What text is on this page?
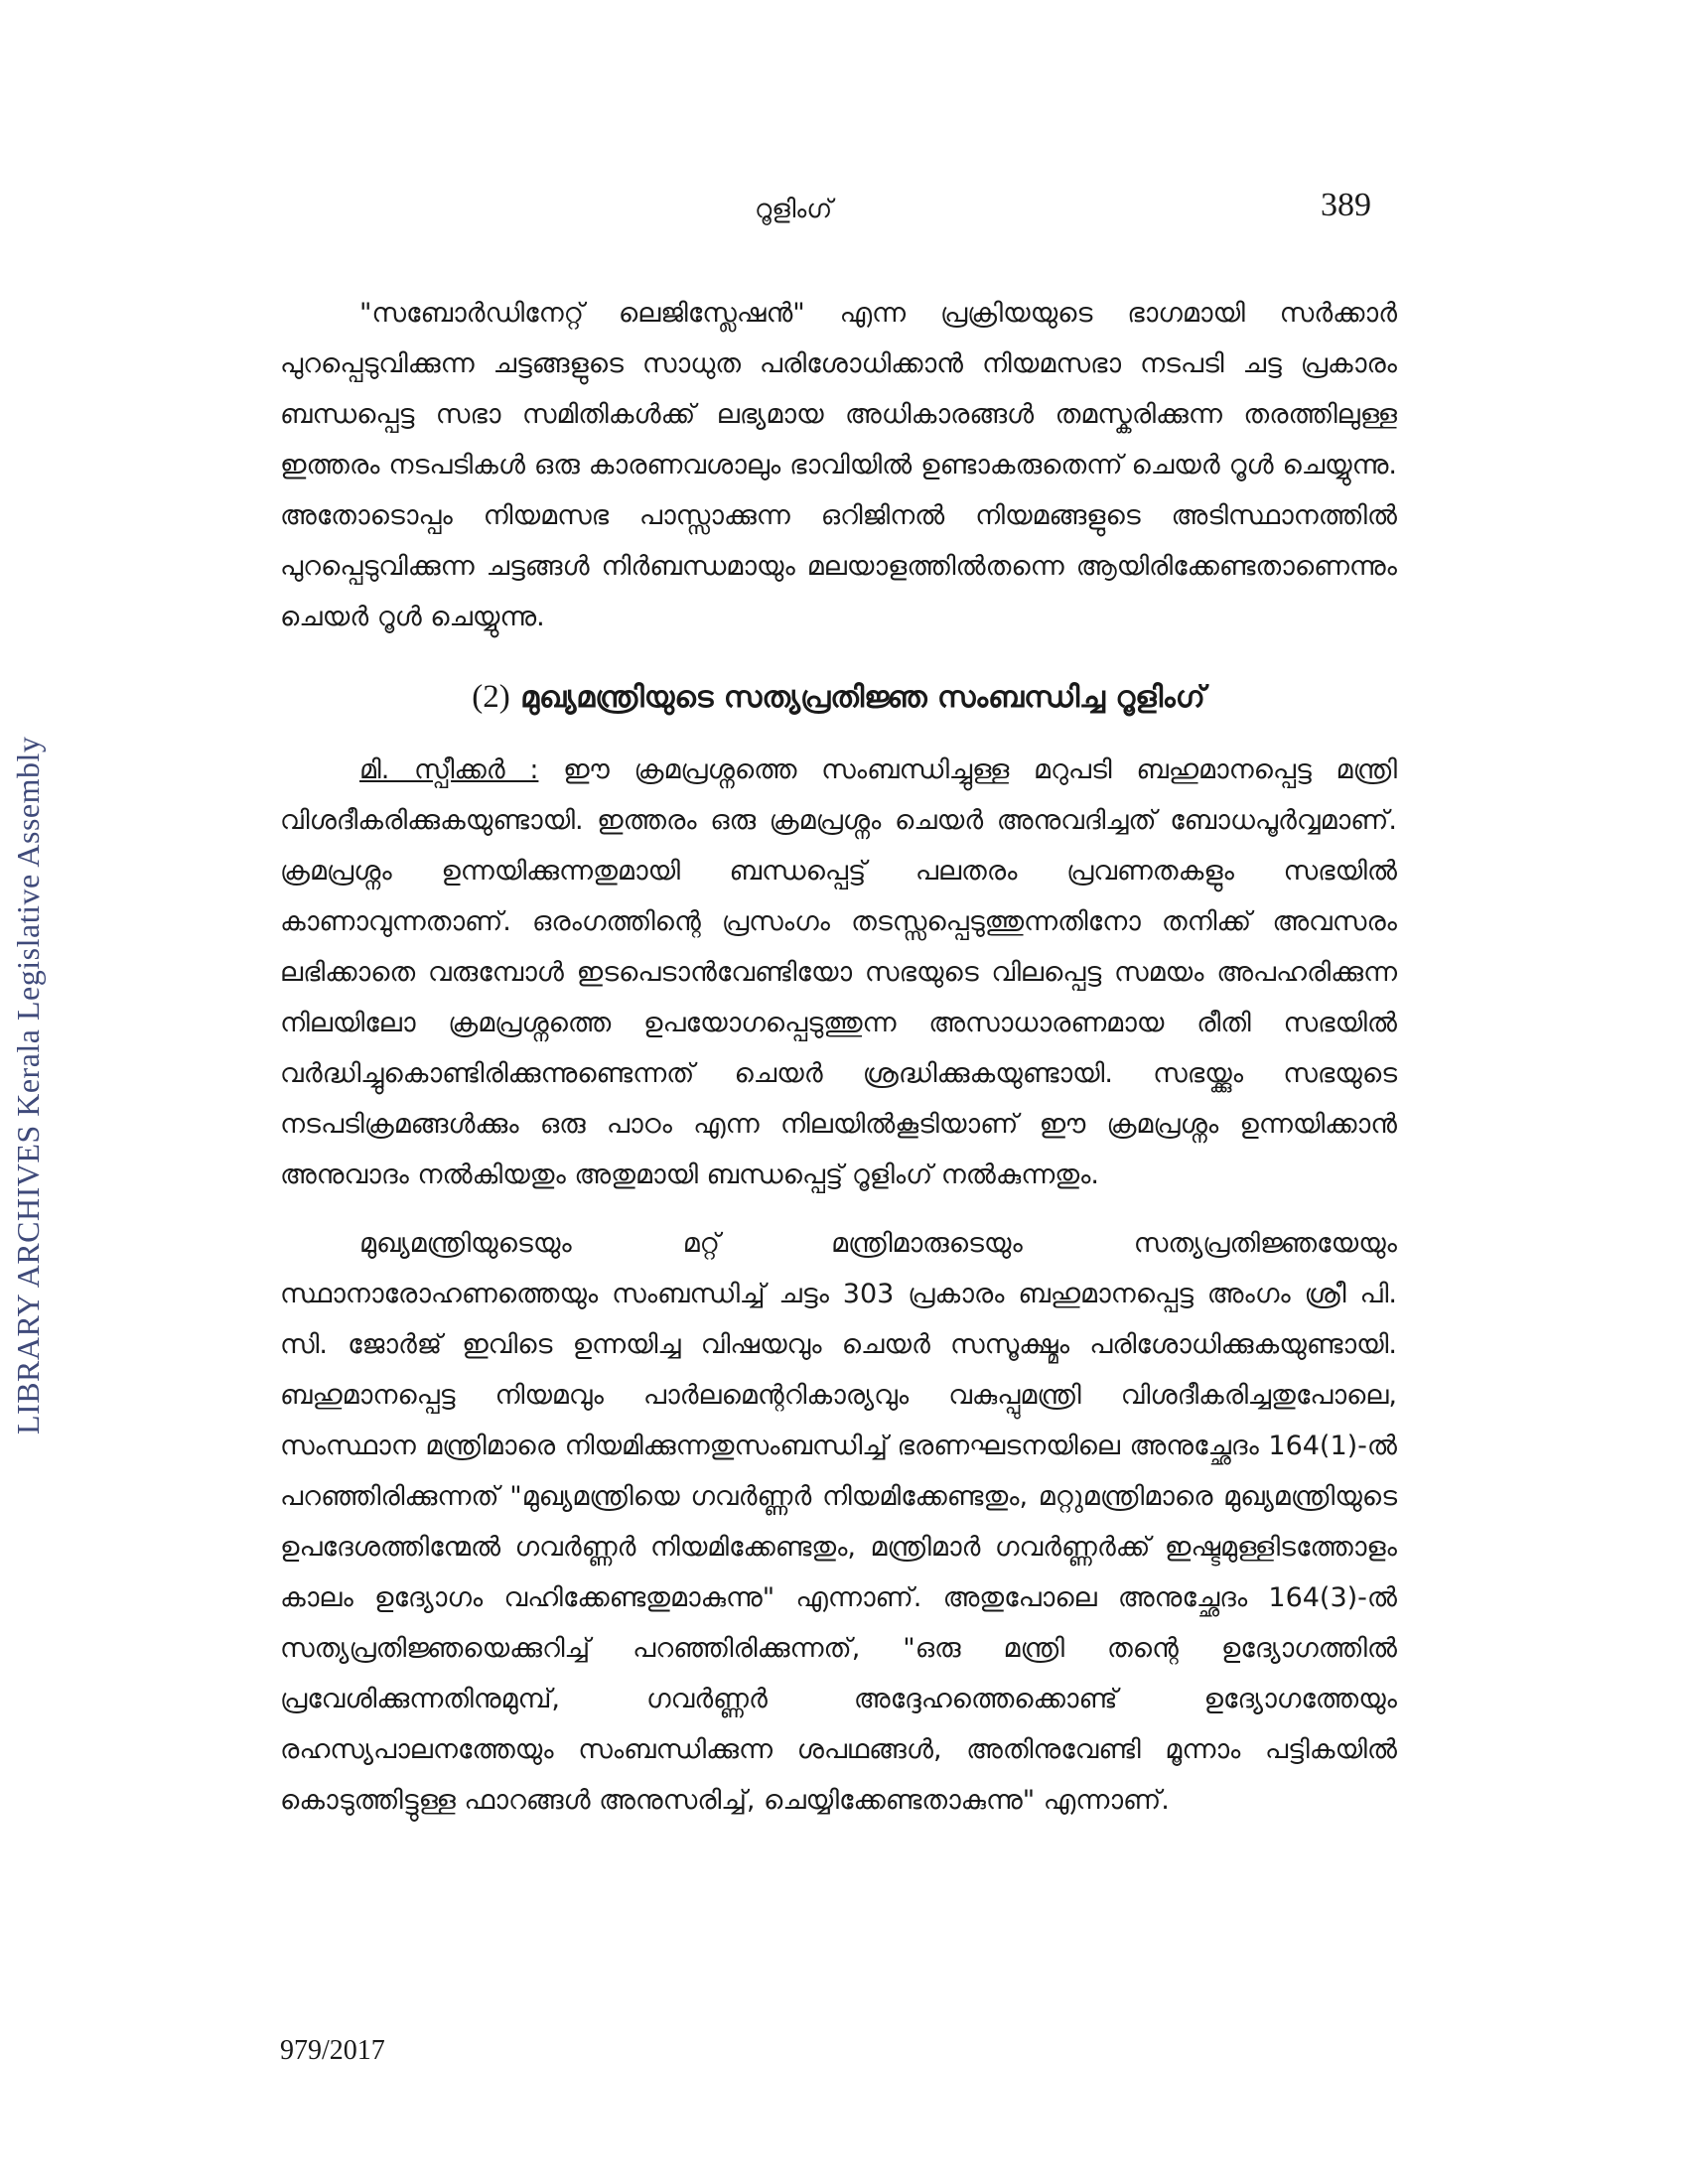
റൂളിംഗ്	389
LIBRARY ARCHIVES Kerala Legislative Assembly

"സബോർഡിനേറ്റ് ലെജിസ്ലേഷൻ" എന്ന പ്രക്രിയയുടെ ഭാഗമായി സർക്കാർ പുറപ്പെടുവിക്കുന്ന ചട്ടങ്ങളുടെ സാധുത പരിശോധിക്കാൻ നിയമസഭാ നടപടി ചട്ട പ്രകാരം ബന്ധപ്പെട്ട സഭാ സമിതികൾക്ക് ലഭ്യമായ അധികാരങ്ങൾ തമസ്കരിക്കുന്ന തരത്തിലുള്ള ഇത്തരം നടപടികൾ ഒരു കാരണവശാലും ഭാവിയിൽ ഉണ്ടാകരുതെന്ന് ചെയർ റൂൾ ചെയ്യുന്നു. അതോടൊപ്പം നിയമസഭ പാസ്സാക്കുന്ന ഒറിജിനൽ നിയമങ്ങളുടെ അടിസ്ഥാനത്തിൽ പുറപ്പെടുവിക്കുന്ന ചട്ടങ്ങൾ നിർബന്ധമായും മലയാളത്തിൽതന്നെ ആയിരിക്കേണ്ടതാണെന്നും ചെയർ റൂൾ ചെയ്യുന്നു.

(2) മുഖ്യമന്ത്രിയുടെ സത്യപ്രതിജ്ഞ സംബന്ധിച്ച റൂളിംഗ്

മി. സ്പീക്കർ : ഈ ക്രമപ്രശ്നത്തെ സംബന്ധിച്ചുള്ള മറുപടി ബഹുമാനപ്പെട്ട മന്ത്രി വിശദീകരിക്കുകയുണ്ടായി. ഇത്തരം ഒരു ക്രമപ്രശ്നം ചെയർ അനുവദിച്ചത് ബോധപൂർവ്വമാണ്. ക്രമപ്രശ്നം ഉന്നയിക്കുന്നതുമായി ബന്ധപ്പെട്ട് പലതരം പ്രവണതകളും സഭയിൽ കാണാവുന്നതാണ്. ഒരംഗത്തിന്റെ പ്രസംഗം തടസ്സപ്പെടുത്തുന്നതിനോ തനിക്ക് അവസരം ലഭിക്കാതെ വരുമ്പോൾ ഇടപെടാൻവേണ്ടിയോ സഭയുടെ വിലപ്പെട്ട സമയം അപഹരിക്കുന്ന നിലയിലോ ക്രമപ്രശ്നത്തെ ഉപയോഗപ്പെടുത്തുന്ന അസാധാരണമായ രീതി സഭയിൽ വർദ്ധിച്ചുകൊണ്ടിരിക്കുന്നുണ്ടെന്നത് ചെയർ ശ്രദ്ധിക്കുകയുണ്ടായി. സഭയ്ക്കും സഭയുടെ നടപടിക്രമങ്ങൾക്കും ഒരു പാഠം എന്ന നിലയിൽകൂടിയാണ് ഈ ക്രമപ്രശ്നം ഉന്നയിക്കാൻ അനുവാദം നൽകിയതും അതുമായി ബന്ധപ്പെട്ട് റൂളിംഗ് നൽകുന്നതും.

മുഖ്യമന്ത്രിയുടെയും മറ്റ് മന്ത്രിമാരുടെയും സത്യപ്രതിജ്ഞയേയും സ്ഥാനാരോഹണത്തെയും സംബന്ധിച്ച് ചട്ടം 303 പ്രകാരം ബഹുമാനപ്പെട്ട അംഗം ശ്രീ പി. സി. ജോർജ് ഇവിടെ ഉന്നയിച്ച വിഷയവും ചെയർ സസൂക്ഷ്മം പരിശോധിക്കുകയുണ്ടായി. ബഹുമാനപ്പെട്ട നിയമവും പാർലമെന്ററികാര്യവും വകുപ്പുമന്ത്രി വിശദീകരിച്ചതുപോലെ, സംസ്ഥാന മന്ത്രിമാരെ നിയമിക്കുന്നതുസംബന്ധിച്ച് ഭരണഘടനയിലെ അനുച്ഛേദം 164(1)-ൽ പറഞ്ഞിരിക്കുന്നത് "മുഖ്യമന്ത്രിയെ ഗവർണ്ണർ നിയമിക്കേണ്ടതും, മറ്റുമന്ത്രിമാരെ മുഖ്യമന്ത്രിയുടെ ഉപദേശത്തിന്മേൽ ഗവർണ്ണർ നിയമിക്കേണ്ടതും, മന്ത്രിമാർ ഗവർണ്ണർക്ക് ഇഷ്ടമുള്ളിടത്തോളം കാലം ഉദ്യോഗം വഹിക്കേണ്ടതുമാകുന്നു" എന്നാണ്. അതുപോലെ അനുച്ഛേദം 164(3)-ൽ സത്യപ്രതിജ്ഞയെക്കുറിച്ച് പറഞ്ഞിരിക്കുന്നത്, "ഒരു മന്ത്രി തന്റെ ഉദ്യോഗത്തിൽ പ്രവേശിക്കുന്നതിനുമുമ്പ്, ഗവർണ്ണർ അദ്ദേഹത്തെക്കൊണ്ട് ഉദ്യോഗത്തേയും രഹസ്യപാലനത്തേയും സംബന്ധിക്കുന്ന ശപഥങ്ങൾ, അതിനുവേണ്ടി മൂന്നാം പട്ടികയിൽ കൊടുത്തിട്ടുള്ള ഫാറങ്ങൾ അനുസരിച്ച്, ചെയ്യിക്കേണ്ടതാകുന്നു" എന്നാണ്.

979/2017
